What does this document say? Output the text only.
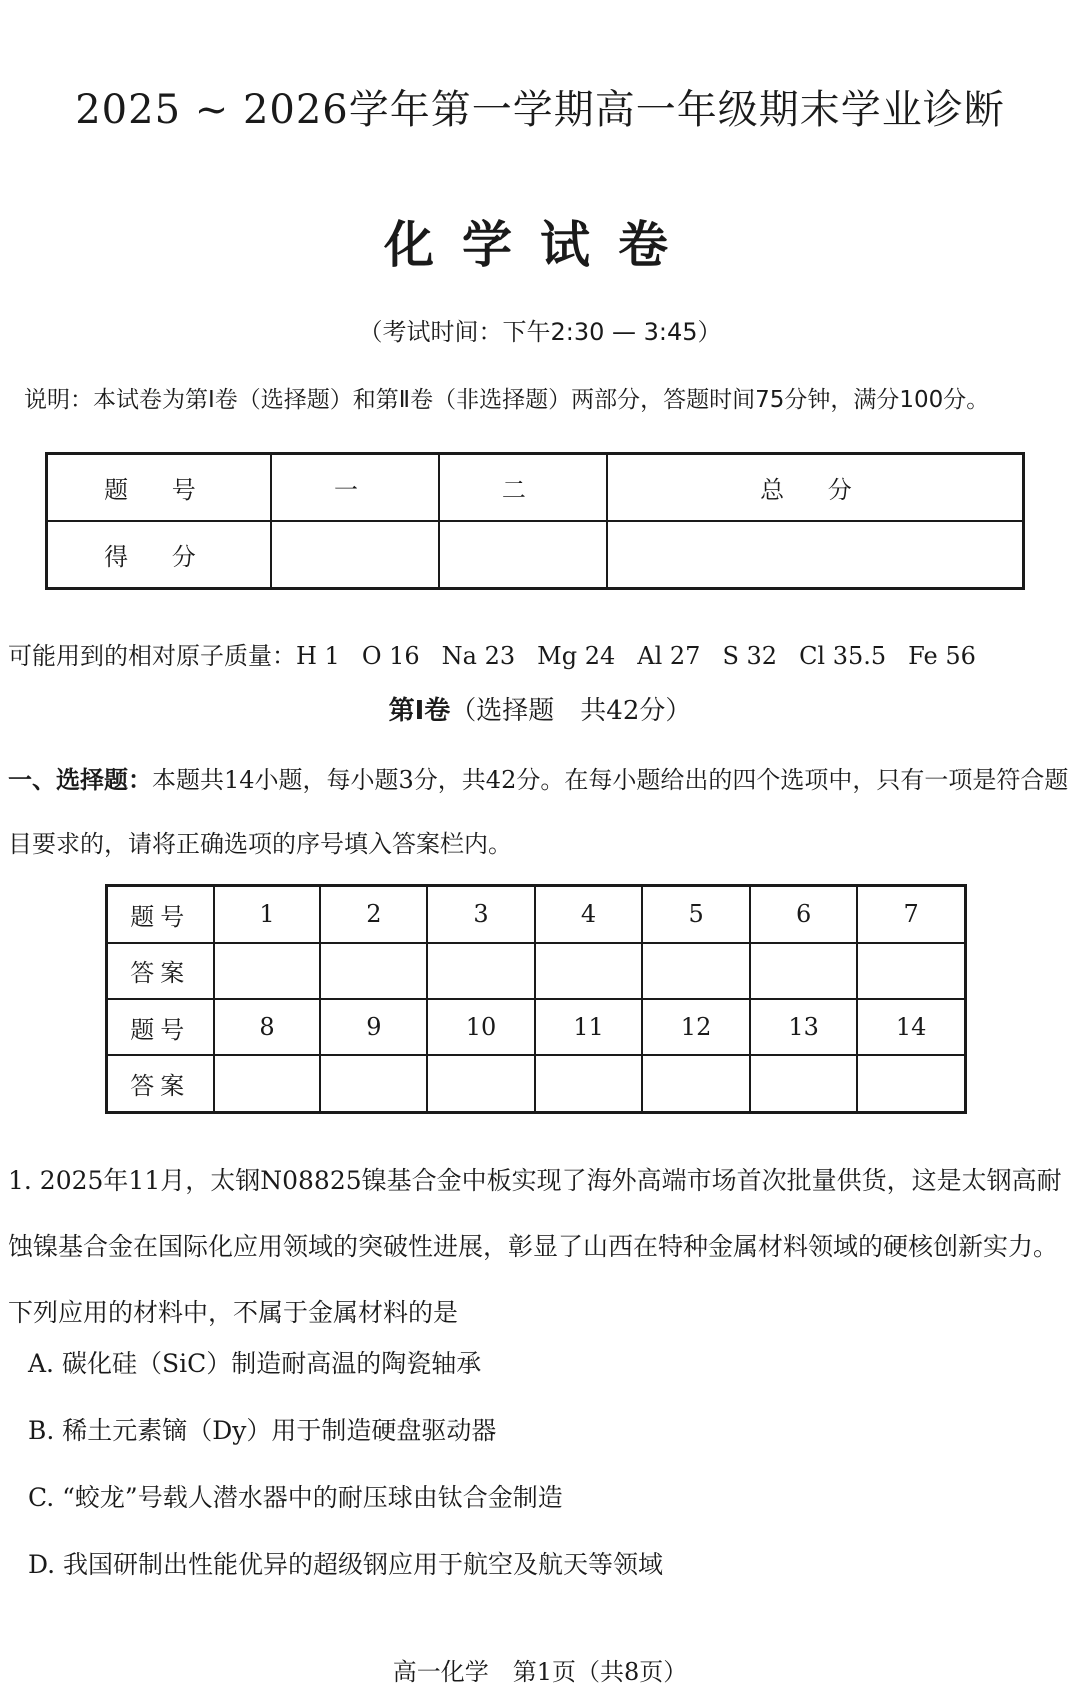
2025 ~ 2026学年第一学期高一年级期末学业诊断
化学试卷
（考试时间：下午2:30 — 3:45）
说明：本试卷为第Ⅰ卷（选择题）和第Ⅱ卷（非选择题）两部分，答题时间75分钟，满分100分。
题 号	一	二	总 分
得 分			
可能用到的相对原子质量：H 1 O 16 Na 23 Mg 24 Al 27 S 32 Cl 35.5 Fe 56
第Ⅰ卷（选择题　共42分）
一、选择题：本题共14小题，每小题3分，共42分。在每小题给出的四个选项中，只有一项是符合题目要求的，请将正确选项的序号填入答案栏内。
题号	1	2	3	4	5	6	7
答案							
题号	8	9	10	11	12	13	14
答案							
1. 2025年11月，太钢N08825镍基合金中板实现了海外高端市场首次批量供货，这是太钢高耐蚀镍基合金在国际化应用领域的突破性进展，彰显了山西在特种金属材料领域的硬核创新实力。下列应用的材料中，不属于金属材料的是
A. 碳化硅（SiC）制造耐高温的陶瓷轴承
B. 稀土元素镝（Dy）用于制造硬盘驱动器
C. “蛟龙”号载人潜水器中的耐压球由钛合金制造
D. 我国研制出性能优异的超级钢应用于航空及航天等领域
高一化学　第1页（共8页）
